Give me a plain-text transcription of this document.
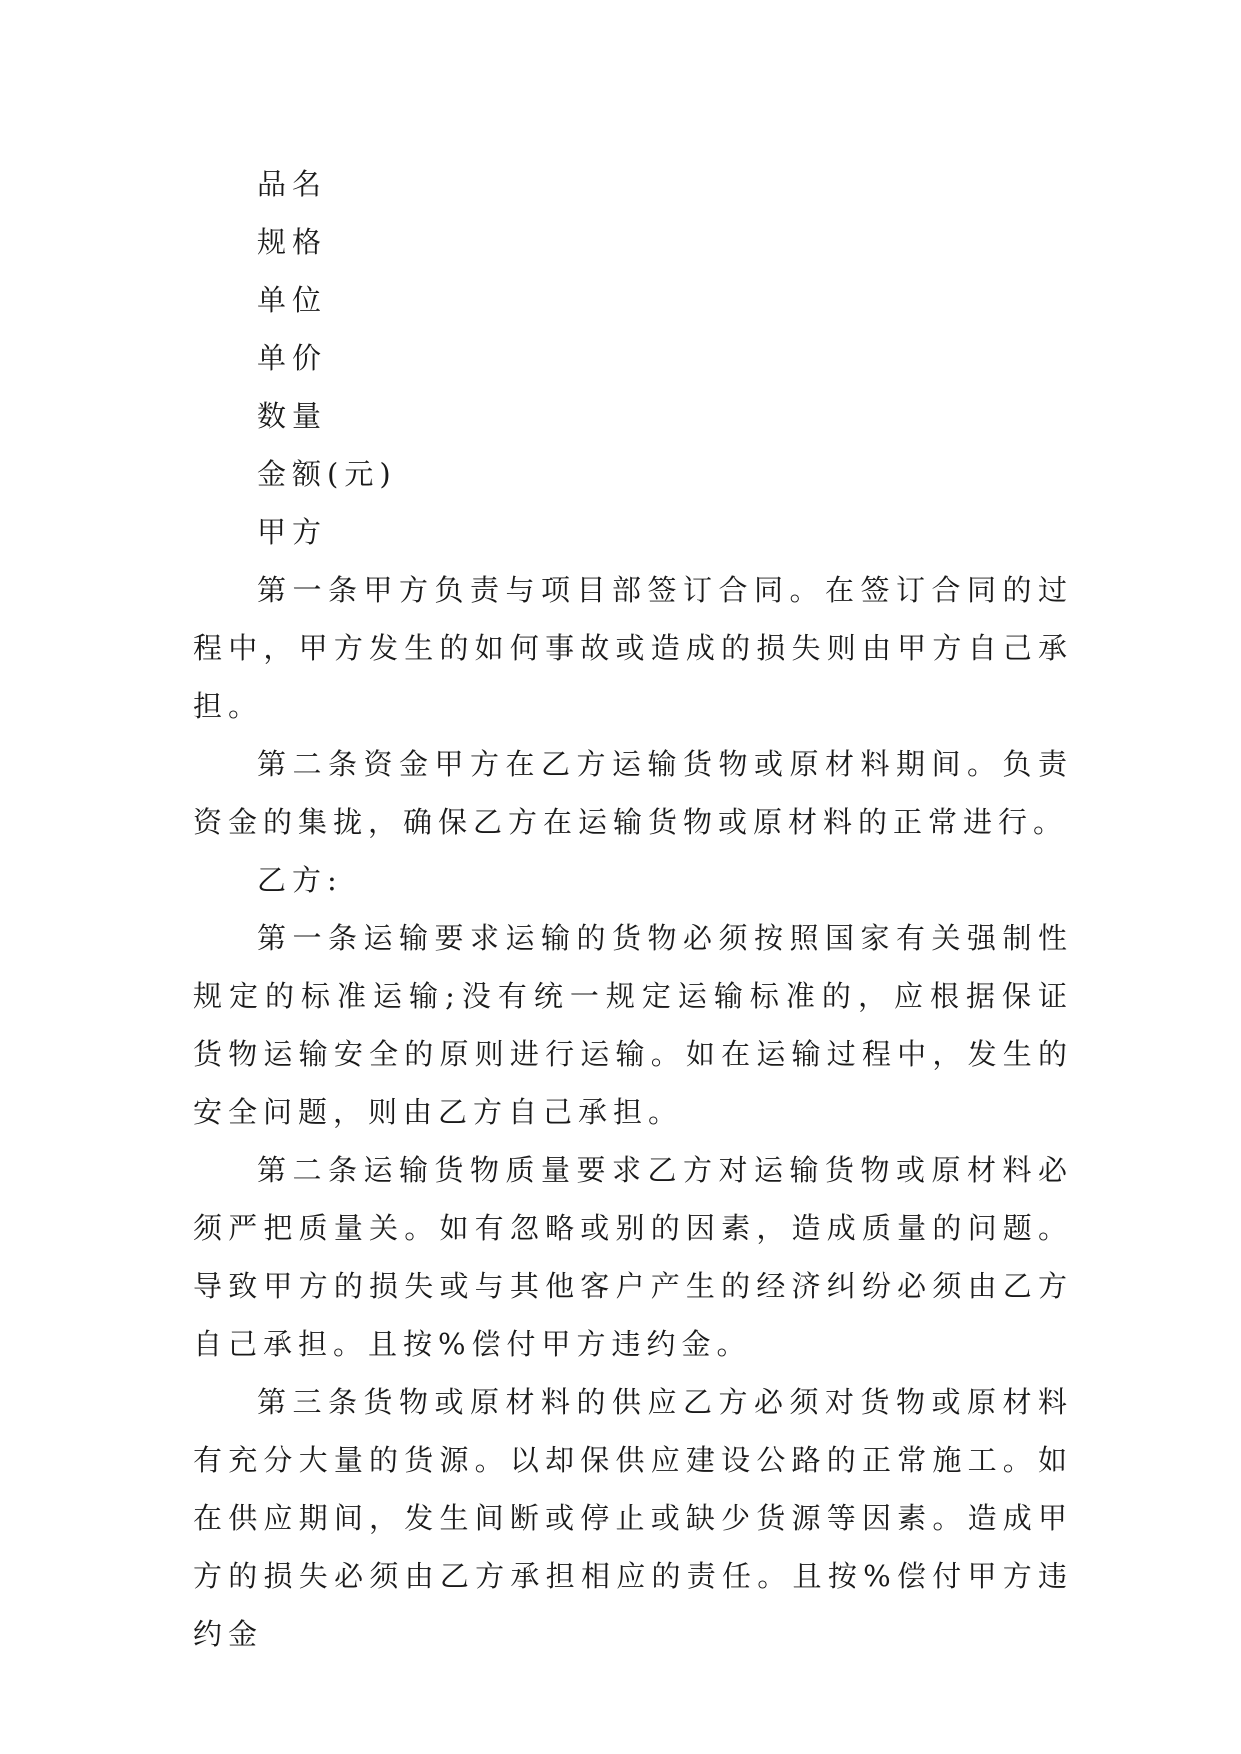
品名

规格

单位

单价

数量

金额(元)

甲方

第一条甲方负责与项目部签订合同。在签订合同的过程中，甲方发生的如何事故或造成的损失则由甲方自己承担。

第二条资金甲方在乙方运输货物或原材料期间。负责资金的集拢，确保乙方在运输货物或原材料的正常进行。

乙方:

第一条运输要求运输的货物必须按照国家有关强制性规定的标准运输;没有统一规定运输标准的，应根据保证货物运输安全的原则进行运输。如在运输过程中，发生的安全问题，则由乙方自己承担。

第二条运输货物质量要求乙方对运输货物或原材料必须严把质量关。如有忽略或别的因素，造成质量的问题。导致甲方的损失或与其他客户产生的经济纠纷必须由乙方自己承担。且按%偿付甲方违约金。

第三条货物或原材料的供应乙方必须对货物或原材料有充分大量的货源。以却保供应建设公路的正常施工。如在供应期间，发生间断或停止或缺少货源等因素。造成甲方的损失必须由乙方承担相应的责任。且按%偿付甲方违约金
